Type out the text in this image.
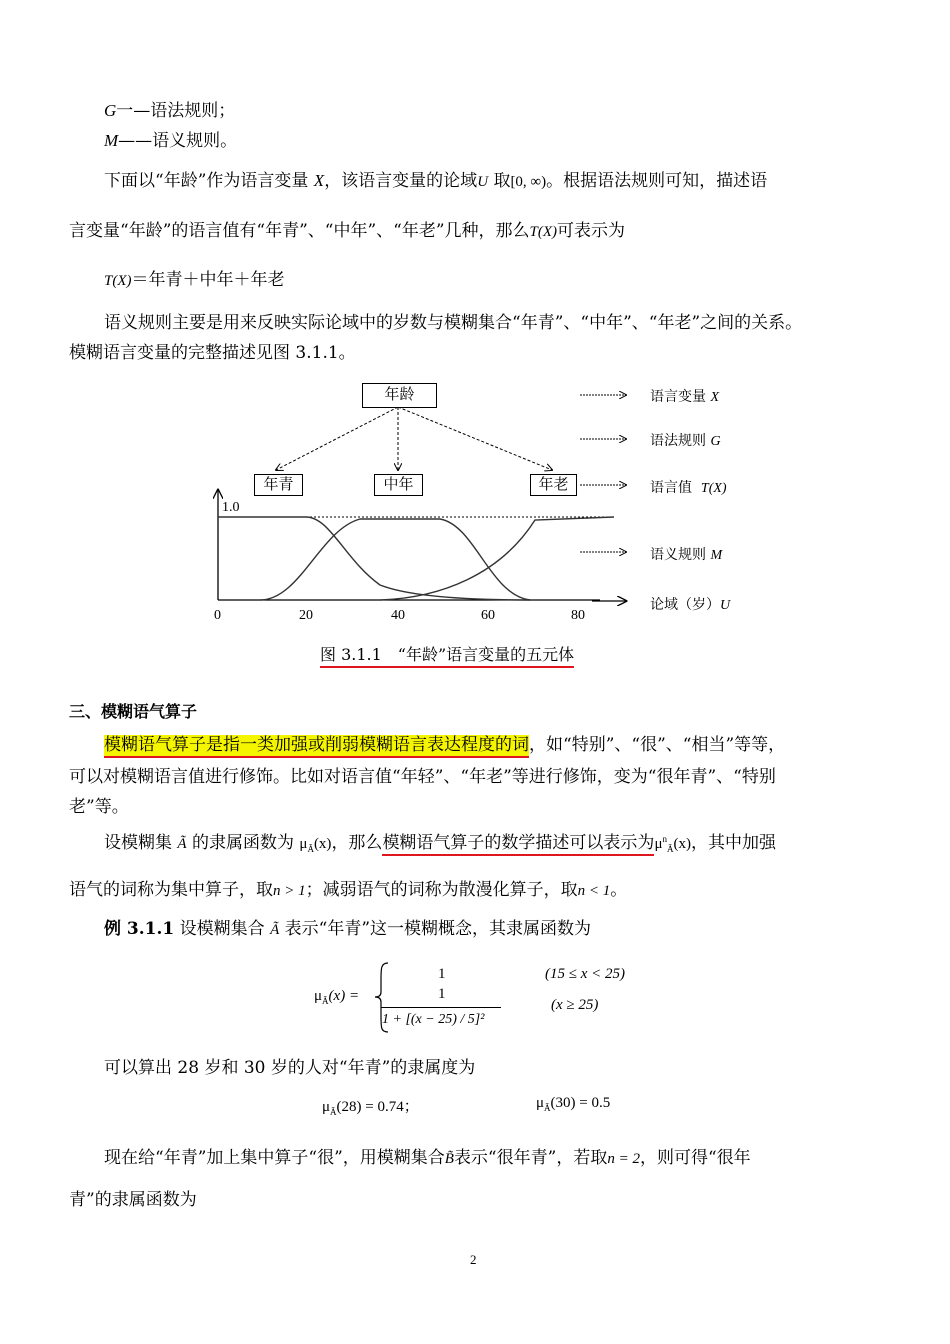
G一—语法规则；
M——语义规则。
下面以“年龄”作为语言变量 X，该语言变量的论域U 取[0, ∞)。根据语法规则可知，描述语
言变量“年龄”的语言值有“年青”、“中年”、“年老”几种，那么T(X)可表示为
T(X)＝年青＋中年＋年老
语义规则主要是用来反映实际论域中的岁数与模糊集合“年青”、“中年”、“年老”之间的关系。
模糊语言变量的完整描述见图 3.1.1。
年龄
年青	中年	年老
1.0
0	20	40	60	80
语言变量 X
语法规则 G
语言值 T(X)
语义规则 M
论域（岁）U
图 3.1.1　“年龄”语言变量的五元体
三、模糊语气算子
模糊语气算子是指一类加强或削弱模糊语言表达程度的词，如“特别”、“很”、“相当”等等，
可以对模糊语言值进行修饰。比如对语言值“年轻”、“年老”等进行修饰，变为“很年青”、“特别
老”等。
设模糊集 Ã 的隶属函数为 $\mu_Ã(x)$，那么模糊语气算子的数学描述可以表示为$\mu^n_Ã(x)$，其中加强
语气的词称为集中算子，取n > 1；减弱语气的词称为散漫化算子，取n < 1。
例 3.1.1 设模糊集合 Ã 表示“年青”这一模糊概念，其隶属函数为
$\mu_Ã(x)$ =
1	(15 ≤ x < 25)
1
1 + [(x − 25) / 5]²
(x ≥ 25)
可以算出 28 岁和 30 岁的人对“年青”的隶属度为
$\mu_Ã(28) = 0.74$；	$\mu_Ã(30) = 0.5$
现在给“年青”加上集中算子“很”，用模糊集合B̃表示“很年青”，若取n = 2，则可得“很年
青”的隶属函数为
2
